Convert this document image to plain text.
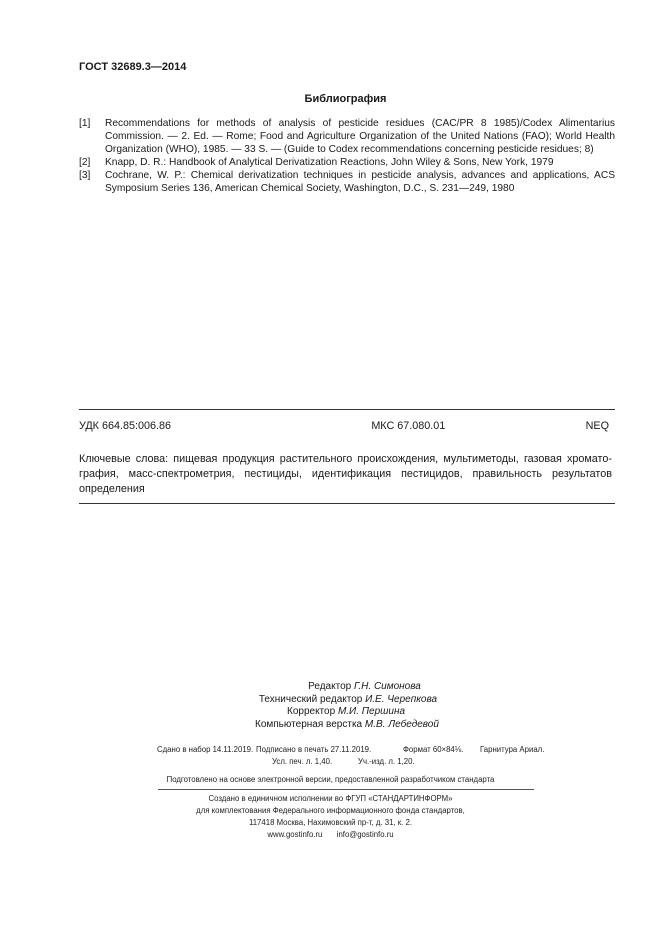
ГОСТ 32689.3—2014
Библиография
[1]	Recommendations for methods of analysis of pesticide residues (CAC/PR 8 1985)/Codex Alimentarius Commission. — 2. Ed. — Rome; Food and Agriculture Organization of the United Nations (FAO); World Health Organization (WHO), 1985. — 33 S. — (Guide to Codex recommendations concerning pesticide residues; 8)
[2]	Knapp, D. R.: Handbook of Analytical Derivatization Reactions, John Wiley & Sons, New York, 1979
[3]	Cochrane, W. P.: Chemical derivatization techniques in pesticide analysis, advances and applications, ACS Symposium Series 136, American Chemical Society, Washington, D.C., S. 231—249, 1980
УДК 664.85:006.86	МКС 67.080.01	NEQ
Ключевые слова: пищевая продукция растительного происхождения, мультиметоды, газовая хроматография, масс-спектрометрия, пестициды, идентификация пестицидов, правильность результатов определения
Редактор Г.Н. Симонова
Технический редактор И.Е. Черепкова
Корректор М.И. Першина
Компьютерная верстка М.В. Лебедевой
Сдано в набор 14.11.2019. Подписано в печать 27.11.2019.	Формат 60×84⅛. Гарнитура Ариал.
Усл. печ. л. 1,40.	Уч.-изд. л. 1,20.
Подготовлено на основе электронной версии, предоставленной разработчиком стандарта
Создано в единичном исполнении во ФГУП «СТАНДАРТИНФОРМ»
для комплектования Федерального информационного фонда стандартов,
117418 Москва, Нахимовский пр-т, д. 31, к. 2.
www.gostinfo.ru info@gostinfo.ru
